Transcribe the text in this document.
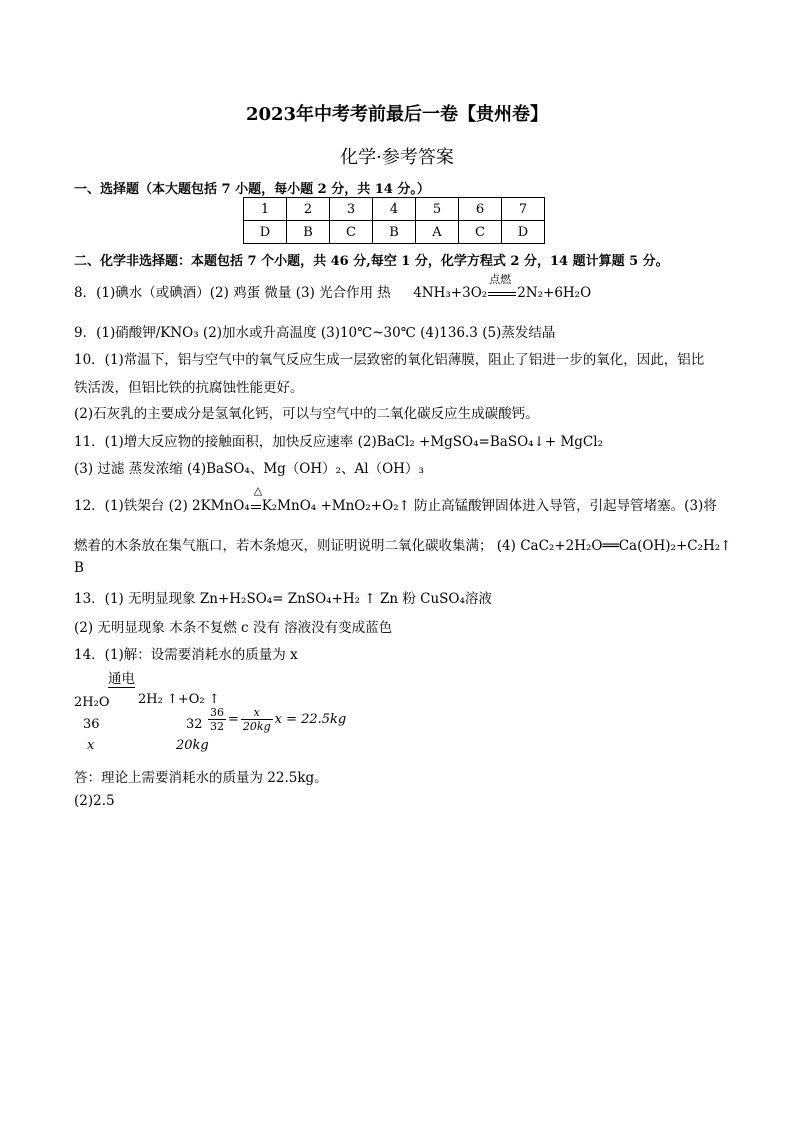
2023年中考考前最后一卷【贵州卷】
化学·参考答案
一、选择题（本大题包括 7 小题，每小题 2 分，共 14 分。）
1	2	3	4	5	6	7
D	B	C	B	A	C	D
二、化学非选择题：本题包括 7 个小题，共 46 分,每空 1 分，化学方程式 2 分，14 题计算题 5 分。
8．(1)碘水（或碘酒）(2) 鸡蛋 微量 (3) 光合作用 热 4NH₃+3O₂
点燃
2N₂+6H₂O
9．(1)硝酸钾/KNO₃ (2)加水或升高温度 (3)10℃~30℃ (4)136.3 (5)蒸发结晶
10．(1)常温下，铝与空气中的氧气反应生成一层致密的氧化铝薄膜，阻止了铝进一步的氧化，因此，铝比
铁活泼，但铝比铁的抗腐蚀性能更好。
(2)石灰乳的主要成分是氢氧化钙，可以与空气中的二氧化碳反应生成碳酸钙。
11．(1)增大反应物的接触面积，加快反应速率 (2)BaCl₂ +MgSO₄=BaSO₄↓+ MgCl₂
(3) 过滤 蒸发浓缩 (4)BaSO₄、Mg（OH）₂、Al（OH）₃
12．(1)铁架台 (2) 2KMnO₄
△
K₂MnO₄ +MnO₂+O₂↑ 防止高锰酸钾固体进入导管，引起导管堵塞。(3)将
燃着的木条放在集气瓶口，若木条熄灭，则证明说明二氧化碳收集满； (4) CaC₂+2H₂O══Ca(OH)₂+C₂H₂↑
B
13．(1) 无明显现象 Zn+H₂SO₄= ZnSO₄+H₂ ↑ Zn 粉 CuSO₄溶液
(2) 无明显现象 木条不复燃 c 没有 溶液没有变成蓝色
14．(1)解：设需要消耗水的质量为 x
通电
2H₂O 2H₂ ↑+O₂ ↑
36	$32 \frac{36}{32} = \frac{x}{20kg}$ x = 22.5kg
x	20kg
答：理论上需要消耗水的质量为 22.5kg。
(2)2.5
